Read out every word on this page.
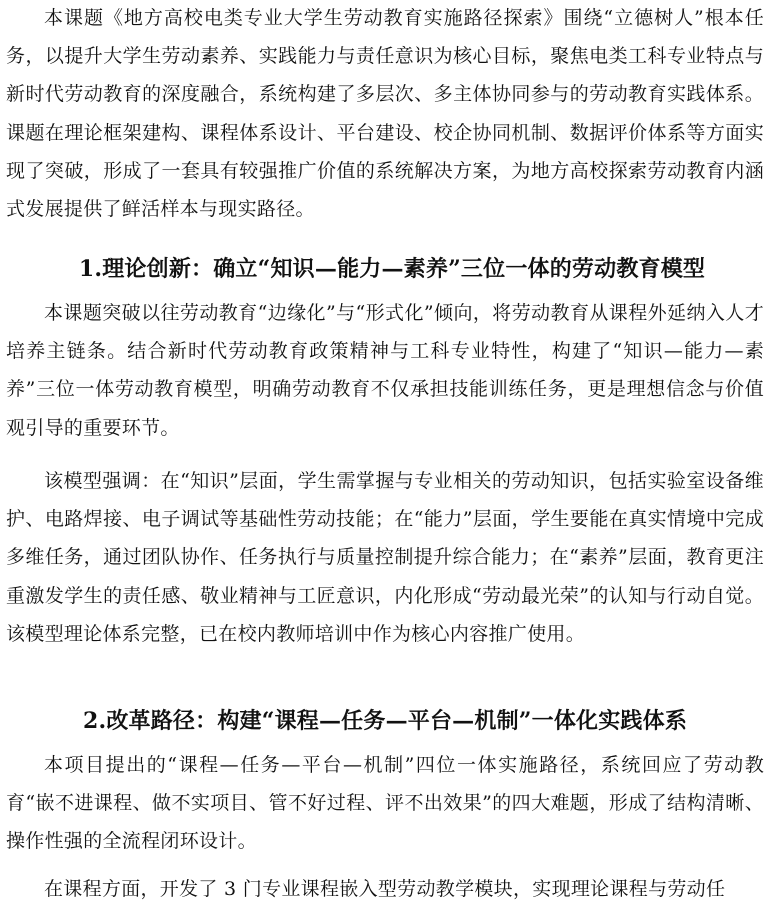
本课题《地方高校电类专业大学生劳动教育实施路径探索》围绕“立德树人”根本任务，以提升大学生劳动素养、实践能力与责任意识为核心目标，聚焦电类工科专业特点与新时代劳动教育的深度融合，系统构建了多层次、多主体协同参与的劳动教育实践体系。课题在理论框架建构、课程体系设计、平台建设、校企协同机制、数据评价体系等方面实现了突破，形成了一套具有较强推广价值的系统解决方案，为地方高校探索劳动教育内涵式发展提供了鲜活样本与现实路径。

1.理论创新：确立“知识—能力—素养”三位一体的劳动教育模型

本课题突破以往劳动教育“边缘化”与“形式化”倾向，将劳动教育从课程外延纳入人才培养主链条。结合新时代劳动教育政策精神与工科专业特性，构建了“知识—能力—素养”三位一体劳动教育模型，明确劳动教育不仅承担技能训练任务，更是理想信念与价值观引导的重要环节。

该模型强调：在“知识”层面，学生需掌握与专业相关的劳动知识，包括实验室设备维护、电路焊接、电子调试等基础性劳动技能；在“能力”层面，学生要能在真实情境中完成多维任务，通过团队协作、任务执行与质量控制提升综合能力；在“素养”层面，教育更注重激发学生的责任感、敬业精神与工匠意识，内化形成“劳动最光荣”的认知与行动自觉。该模型理论体系完整，已在校内教师培训中作为核心内容推广使用。

2.改革路径：构建“课程—任务—平台—机制”一体化实践体系

本项目提出的“课程—任务—平台—机制”四位一体实施路径，系统回应了劳动教育“嵌不进课程、做不实项目、管不好过程、评不出效果”的四大难题，形成了结构清晰、操作性强的全流程闭环设计。

在课程方面，开发了 3 门专业课程嵌入型劳动教学模块，实现理论课程与劳动任
